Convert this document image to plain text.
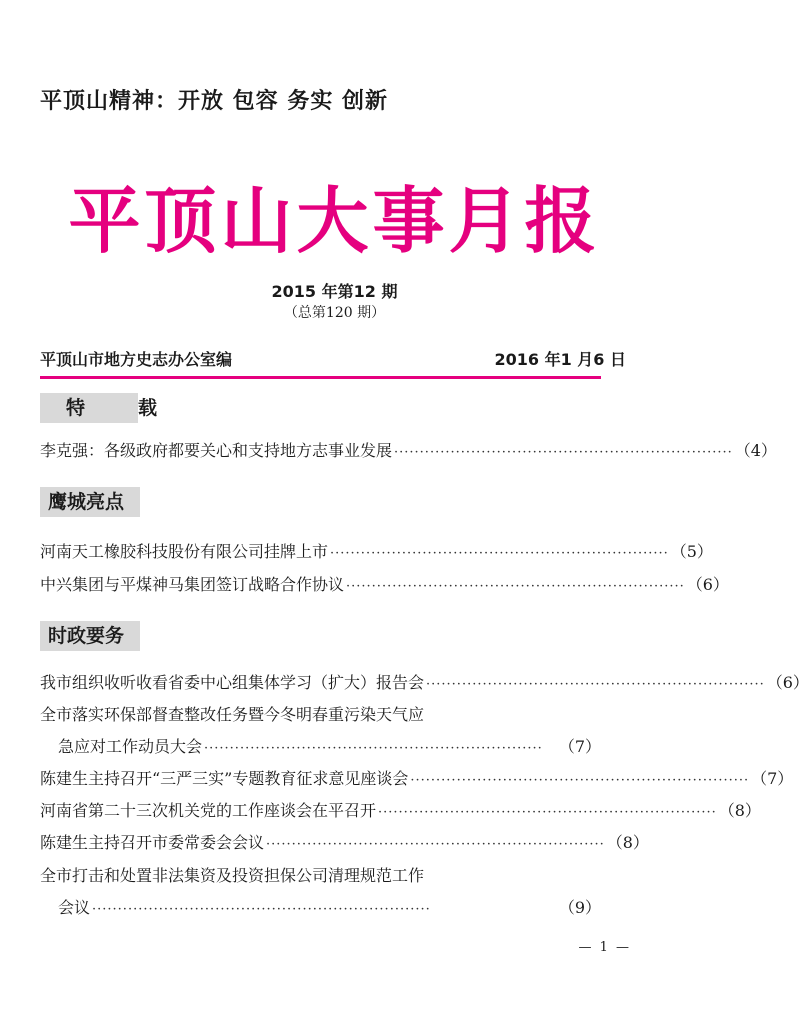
平顶山精神：开放 包容 务实 创新
平顶山大事月报
2015 年第12 期
（总第120 期）
平顶山市地方史志办公室编	2016 年1 月6 日
特	载
李克强：各级政府都要关心和支持地方志事业发展 ·································································· （4）
鹰城亮点
河南天工橡胶科技股份有限公司挂牌上市 ·································································· （5）
中兴集团与平煤神马集团签订战略合作协议 ·································································· （6）
时政要务
我市组织收听收看省委中心组集体学习（扩大）报告会 ·································································· （6）
全市落实环保部督查整改任务暨今冬明春重污染天气应
急应对工作动员大会 ··································································	（7）
陈建生主持召开“三严三实”专题教育征求意见座谈会 ·································································· （7）
河南省第二十三次机关党的工作座谈会在平召开 ·································································· （8）
陈建生主持召开市委常委会会议 ·································································· （8）
全市打击和处置非法集资及投资担保公司清理规范工作
会议 ··································································	（9）
— 1 —
